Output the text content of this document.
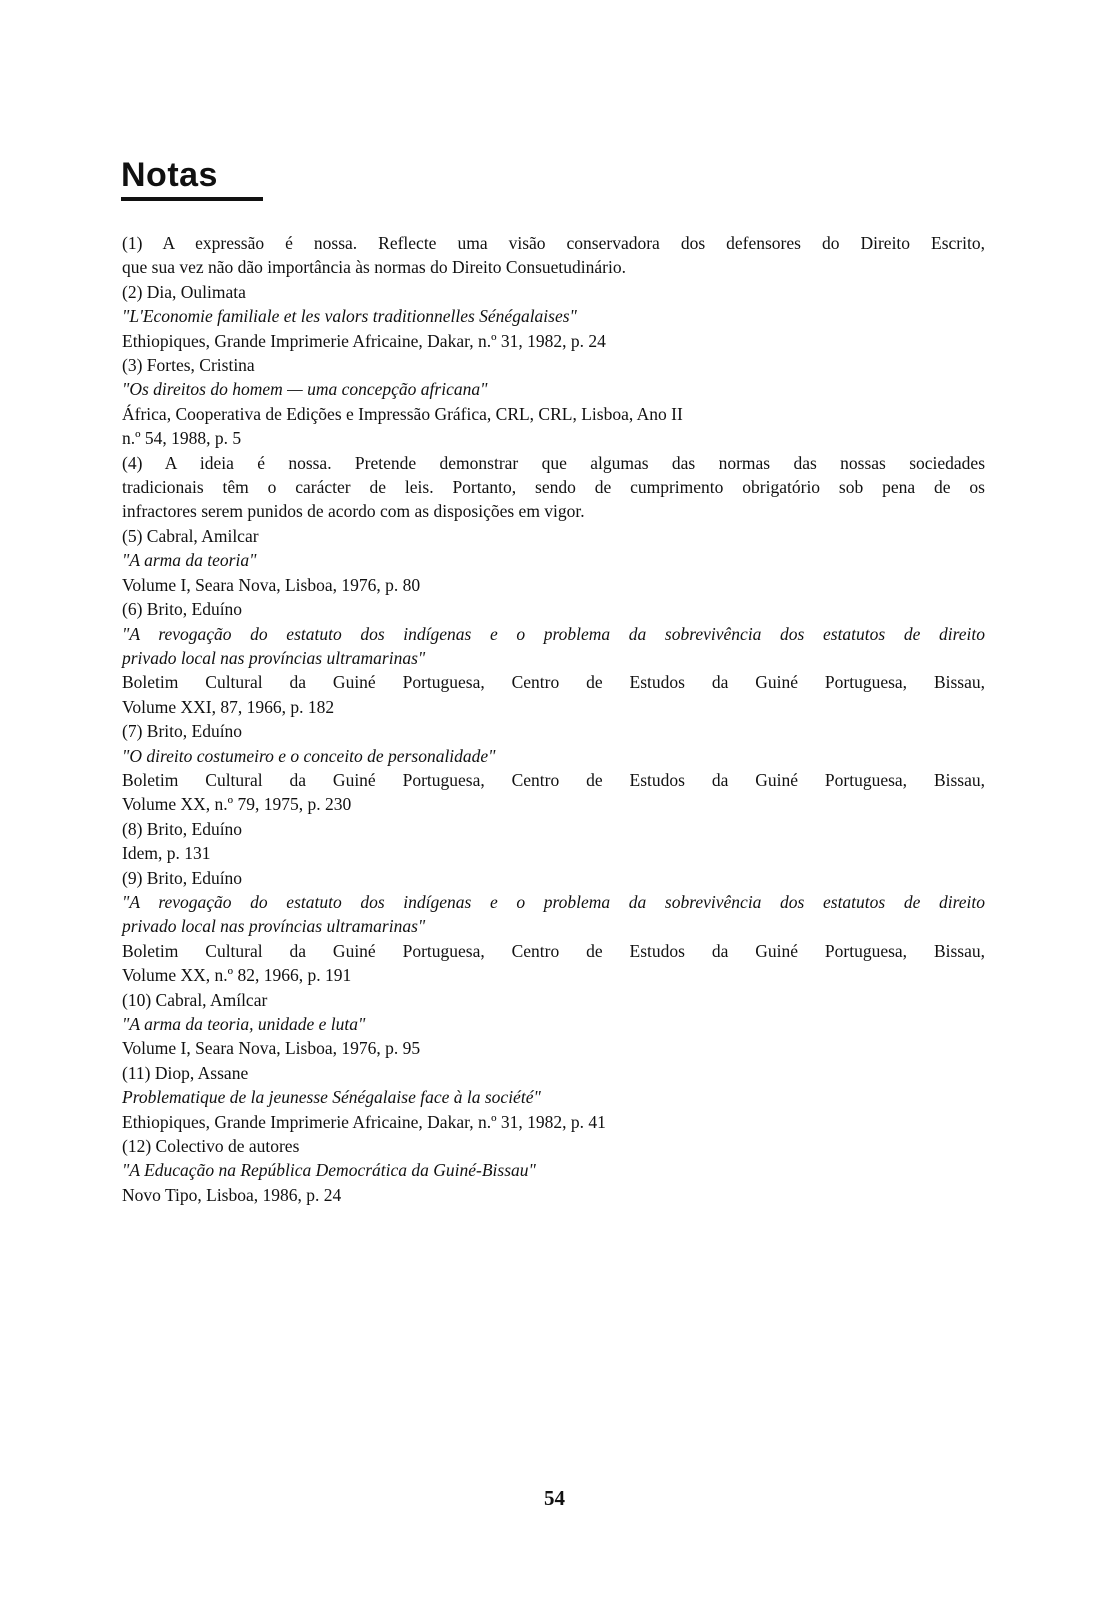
Notas
(1) A expressão é nossa. Reflecte uma visão conservadora dos defensores do Direito Escrito,
que sua vez não dão importância às normas do Direito Consuetudinário.
(2) Dia, Oulimata
"L'Economie familiale et les valors traditionnelles Sénégalaises"
Ethiopiques, Grande Imprimerie Africaine, Dakar, n.º 31, 1982, p. 24
(3) Fortes, Cristina
"Os direitos do homem — uma concepção africana"
África, Cooperativa de Edições e Impressão Gráfica, CRL, CRL, Lisboa, Ano II
n.º 54, 1988, p. 5
(4) A ideia é nossa. Pretende demonstrar que algumas das normas das nossas sociedades
tradicionais têm o carácter de leis. Portanto, sendo de cumprimento obrigatório sob pena de os
infractores serem punidos de acordo com as disposições em vigor.
(5) Cabral, Amilcar
"A arma da teoria"
Volume I, Seara Nova, Lisboa, 1976, p. 80
(6) Brito, Eduíno
"A revogação do estatuto dos indígenas e o problema da sobrevivência dos estatutos de direito
privado local nas províncias ultramarinas"
Boletim Cultural da Guiné Portuguesa, Centro de Estudos da Guiné Portuguesa, Bissau,
Volume XXI, 87, 1966, p. 182
(7) Brito, Eduíno
"O direito costumeiro e o conceito de personalidade"
Boletim Cultural da Guiné Portuguesa, Centro de Estudos da Guiné Portuguesa, Bissau,
Volume XX, n.º 79, 1975, p. 230
(8) Brito, Eduíno
Idem, p. 131
(9) Brito, Eduíno
"A revogação do estatuto dos indígenas e o problema da sobrevivência dos estatutos de direito
privado local nas províncias ultramarinas"
Boletim Cultural da Guiné Portuguesa, Centro de Estudos da Guiné Portuguesa, Bissau,
Volume XX, n.º 82, 1966, p. 191
(10) Cabral, Amílcar
"A arma da teoria, unidade e luta"
Volume I, Seara Nova, Lisboa, 1976, p. 95
(11) Diop, Assane
Problematique de la jeunesse Sénégalaise face à la société"
Ethiopiques, Grande Imprimerie Africaine, Dakar, n.º 31, 1982, p. 41
(12) Colectivo de autores
"A Educação na República Democrática da Guiné-Bissau"
Novo Tipo, Lisboa, 1986, p. 24
54
